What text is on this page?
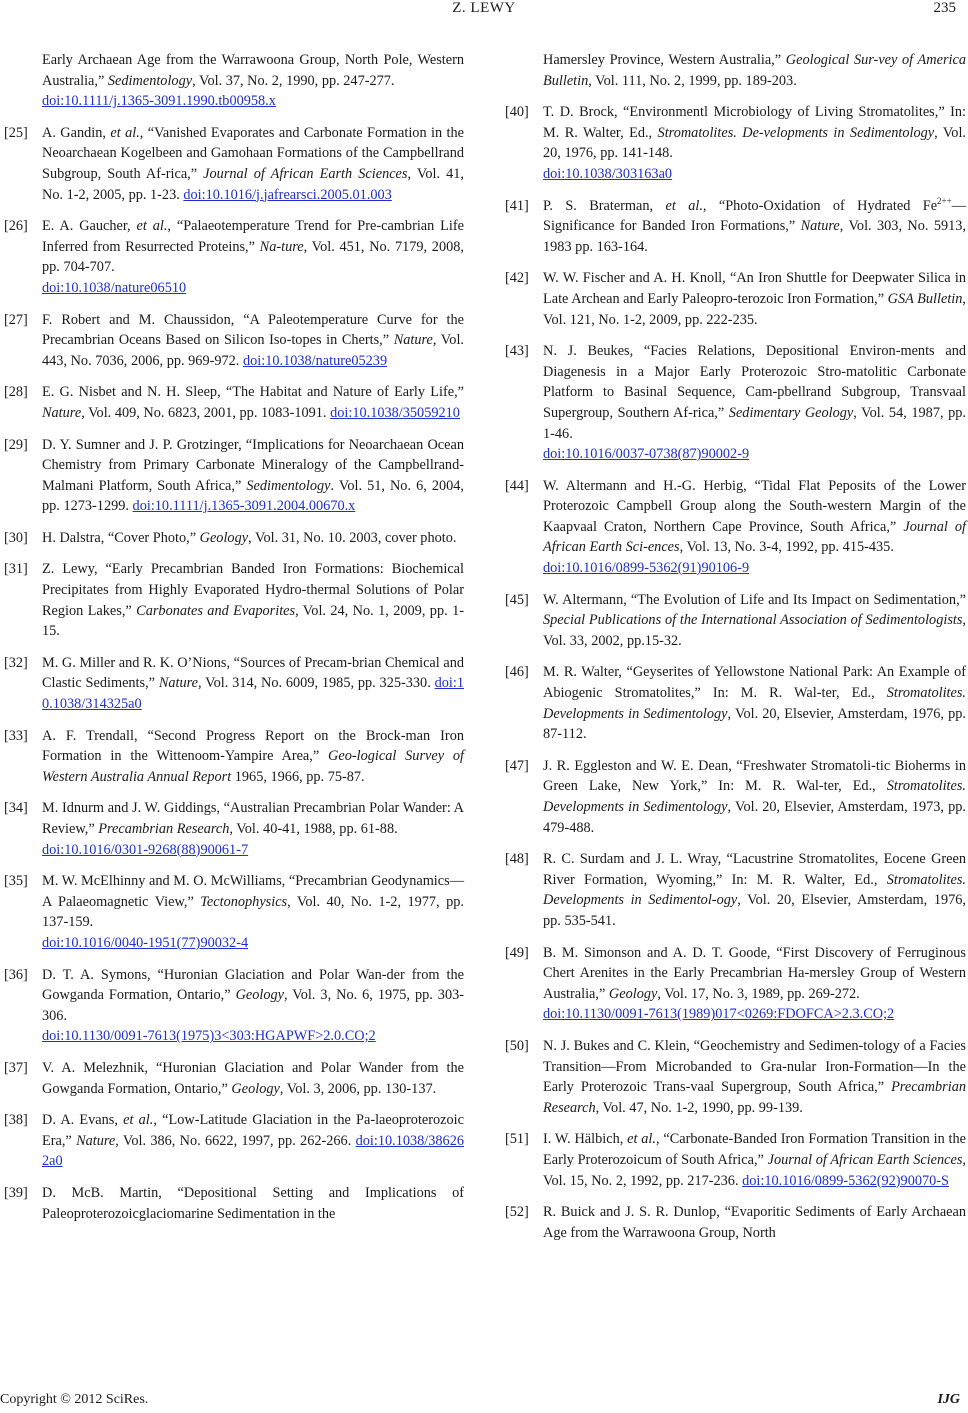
Z. LEWY	235
Early Archaean Age from the Warrawoona Group, North Pole, Western Australia,” Sedimentology, Vol. 37, No. 2, 1990, pp. 247-277.
doi:10.1111/j.1365-3091.1990.tb00958.x
[25] A. Gandin, et al., “Vanished Evaporates and Carbonate Formation in the Neoarchaean Kogelbeen and Gamohaan Formations of the Campbellrand Subgroup, South Af-rica,” Journal of African Earth Sciences, Vol. 41, No. 1-2, 2005, pp. 1-23. doi:10.1016/j.jafrearsci.2005.01.003
[26] E. A. Gaucher, et al., “Palaeotemperature Trend for Pre-cambrian Life Inferred from Resurrected Proteins,” Na-ture, Vol. 451, No. 7179, 2008, pp. 704-707.
doi:10.1038/nature06510
[27] F. Robert and M. Chaussidon, “A Paleotemperature Curve for the Precambrian Oceans Based on Silicon Iso-topes in Cherts,” Nature, Vol. 443, No. 7036, 2006, pp. 969-972. doi:10.1038/nature05239
[28] E. G. Nisbet and N. H. Sleep, “The Habitat and Nature of Early Life,” Nature, Vol. 409, No. 6823, 2001, pp. 1083-1091. doi:10.1038/35059210
[29] D. Y. Sumner and J. P. Grotzinger, “Implications for Neoarchaean Ocean Chemistry from Primary Carbonate Mineralogy of the Campbellrand-Malmani Platform, South Africa,” Sedimentology. Vol. 51, No. 6, 2004, pp. 1273-1299. doi:10.1111/j.1365-3091.2004.00670.x
[30] H. Dalstra, “Cover Photo,” Geology, Vol. 31, No. 10. 2003, cover photo.
[31] Z. Lewy, “Early Precambrian Banded Iron Formations: Biochemical Precipitates from Highly Evaporated Hydro-thermal Solutions of Polar Region Lakes,” Carbonates and Evaporites, Vol. 24, No. 1, 2009, pp. 1-15.
[32] M. G. Miller and R. K. O’Nions, “Sources of Precam-brian Chemical and Clastic Sediments,” Nature, Vol. 314, No. 6009, 1985, pp. 325-330. doi:10.1038/314325a0
[33] A. F. Trendall, “Second Progress Report on the Brock-man Iron Formation in the Wittenoom-Yampire Area,” Geo-logical Survey of Western Australia Annual Report 1965, 1966, pp. 75-87.
[34] M. Idnurm and J. W. Giddings, “Australian Precambrian Polar Wander: A Review,” Precambrian Research, Vol. 40-41, 1988, pp. 61-88.
doi:10.1016/0301-9268(88)90061-7
[35] M. W. McElhinny and M. O. McWilliams, “Precambrian Geodynamics—A Palaeomagnetic View,” Tectonophysics, Vol. 40, No. 1-2, 1977, pp. 137-159.
doi:10.1016/0040-1951(77)90032-4
[36] D. T. A. Symons, “Huronian Glaciation and Polar Wan-der from the Gowganda Formation, Ontario,” Geology, Vol. 3, No. 6, 1975, pp. 303-306.
doi:10.1130/0091-7613(1975)3<303:HGAPWF>2.0.CO;2
[37] V. A. Melezhnik, “Huronian Glaciation and Polar Wander from the Gowganda Formation, Ontario,” Geology, Vol. 3, 2006, pp. 130-137.
[38] D. A. Evans, et al., “Low-Latitude Glaciation in the Pa-laeoproterozoic Era,” Nature, Vol. 386, No. 6622, 1997, pp. 262-266. doi:10.1038/386262a0
[39] D. McB. Martin, “Depositional Setting and Implications of Paleoproterozoicglaciomarine Sedimentation in the
Hamersley Province, Western Australia,” Geological Sur-vey of America Bulletin, Vol. 111, No. 2, 1999, pp. 189-203.
[40] T. D. Brock, “Environmentl Microbiology of Living Stromatolites,” In: M. R. Walter, Ed., Stromatolites. De-velopments in Sedimentology, Vol. 20, 1976, pp. 141-148.
doi:10.1038/303163a0
[41] P. S. Braterman, et al., “Photo-Oxidation of Hydrated $Fe^{2++}—Significance$ for Banded Iron Formations,” Nature, Vol. 303, No. 5913, 1983 pp. 163-164.
[42] W. W. Fischer and A. H. Knoll, “An Iron Shuttle for Deepwater Silica in Late Archean and Early Paleopro-terozoic Iron Formation,” GSA Bulletin, Vol. 121, No. 1-2, 2009, pp. 222-235.
[43] N. J. Beukes, “Facies Relations, Depositional Environ-ments and Diagenesis in a Major Early Proterozoic Stro-matolitic Carbonate Platform to Basinal Sequence, Cam-pbellrand Subgroup, Transvaal Supergroup, Southern Af-rica,” Sedimentary Geology, Vol. 54, 1987, pp. 1-46.
doi:10.1016/0037-0738(87)90002-9
[44] W. Altermann and H.-G. Herbig, “Tidal Flat Peposits of the Lower Proterozoic Campbell Group along the South-western Margin of the Kaapvaal Craton, Northern Cape Province, South Africa,” Journal of African Earth Sci-ences, Vol. 13, No. 3-4, 1992, pp. 415-435.
doi:10.1016/0899-5362(91)90106-9
[45] W. Altermann, “The Evolution of Life and Its Impact on Sedimentation,” Special Publications of the International Association of Sedimentologists, Vol. 33, 2002, pp.15-32.
[46] M. R. Walter, “Geyserites of Yellowstone National Park: An Example of Abiogenic Stromatolites,” In: M. R. Wal-ter, Ed., Stromatolites. Developments in Sedimentology, Vol. 20, Elsevier, Amsterdam, 1976, pp. 87-112.
[47] J. R. Eggleston and W. E. Dean, “Freshwater Stromatoli-tic Bioherms in Green Lake, New York,” In: M. R. Wal-ter, Ed., Stromatolites. Developments in Sedimentology, Vol. 20, Elsevier, Amsterdam, 1973, pp. 479-488.
[48] R. C. Surdam and J. L. Wray, “Lacustrine Stromatolites, Eocene Green River Formation, Wyoming,” In: M. R. Walter, Ed., Stromatolites. Developments in Sedimentol-ogy, Vol. 20, Elsevier, Amsterdam, 1976, pp. 535-541.
[49] B. M. Simonson and A. D. T. Goode, “First Discovery of Ferruginous Chert Arenites in the Early Precambrian Ha-mersley Group of Western Australia,” Geology, Vol. 17, No. 3, 1989, pp. 269-272.
doi:10.1130/0091-7613(1989)017<0269:FDOFCA>2.3.CO;2
[50] N. J. Bukes and C. Klein, “Geochemistry and Sedimen-tology of a Facies Transition—From Microbanded to Gra-nular Iron-Formation—In the Early Proterozoic Trans-vaal Supergroup, South Africa,” Precambrian Research, Vol. 47, No. 1-2, 1990, pp. 99-139.
[51] I. W. Hälbich, et al., “Carbonate-Banded Iron Formation Transition in the Early Proterozoicum of South Africa,” Journal of African Earth Sciences, Vol. 15, No. 2, 1992, pp. 217-236. doi:10.1016/0899-5362(92)90070-S
[52] R. Buick and J. S. R. Dunlop, “Evaporitic Sediments of Early Archaean Age from the Warrawoona Group, North
Copyright © 2012 SciRes.	IJG
